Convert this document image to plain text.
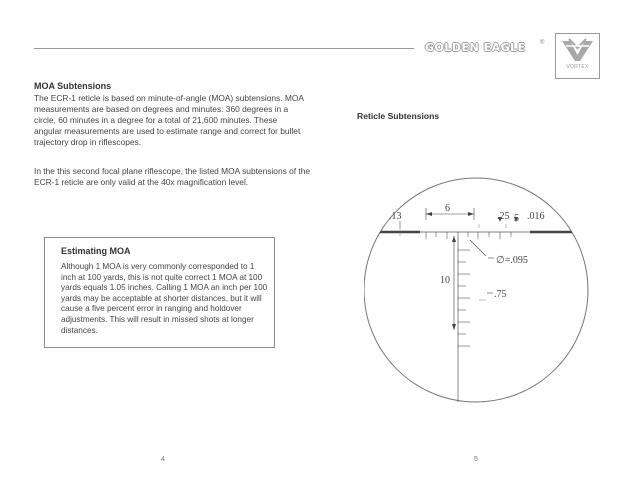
GOLDEN EAGLE ®
VORTEX
MOA Subtensions

The ECR-1 reticle is based on minute-of-angle (MOA) subtensions. MOA measurements are based on degrees and minutes: 360 degrees in a circle, 60 minutes in a degree for a total of 21,600 minutes. These angular measurements are used to estimate range and correct for bullet trajectory drop in riflescopes.

In the this second focal plane riflescope, the listed MOA subtensions of the ECR-1 reticle are only valid at the 40x magnification level.

Estimating MOA

Although 1 MOA is very commonly corresponded to 1 inch at 100 yards, this is not quite correct 1 MOA at 100 yards equals 1.05 inches. Calling 1 MOA an inch per 100 yards may be acceptable at shorter distances, but it will cause a five percent error in ranging and holdover adjustments. This will result in missed shots at longer distances.

Reticle Subtensions
.13
6
.25 5 .016
∅=.095
10
.75
4	5
